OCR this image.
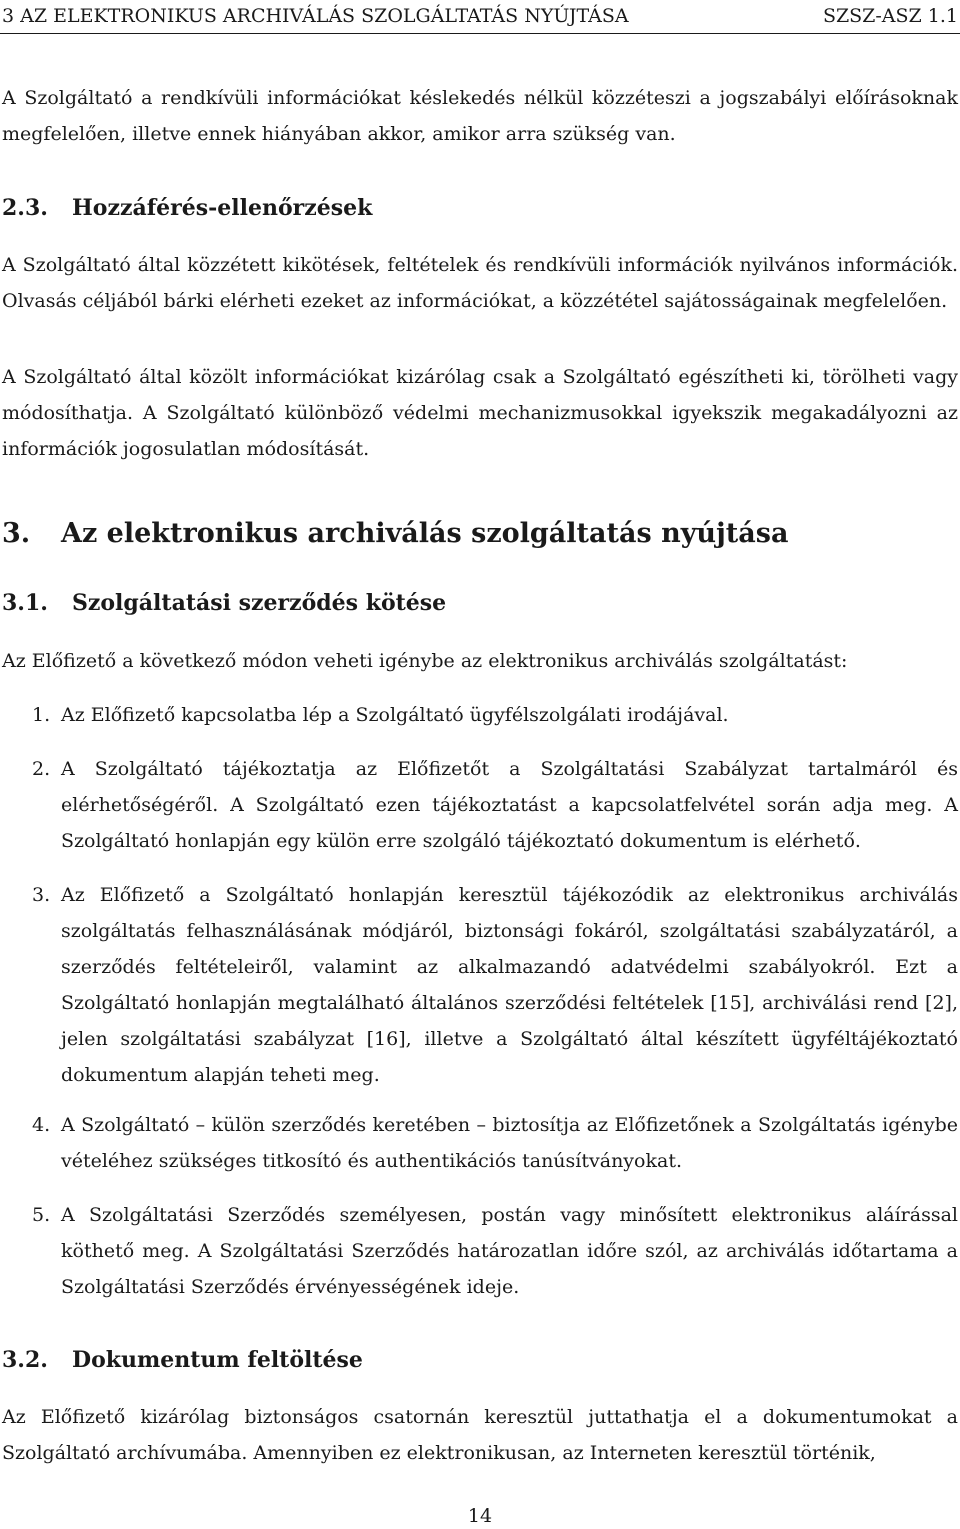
3 AZ ELEKTRONIKUS ARCHIVÁLÁS SZOLGÁLTATÁS NYÚJTÁSA	SZSZ-ASZ 1.1

A Szolgáltató a rendkívüli információkat késlekedés nélkül közzéteszi a jogszabályi előírásoknak megfelelően, illetve ennek hiányában akkor, amikor arra szükség van.

2.3. Hozzáférés-ellenőrzések

A Szolgáltató által közzétett kikötések, feltételek és rendkívüli információk nyilvános információk. Olvasás céljából bárki elérheti ezeket az információkat, a közzététel sajátosságainak megfelelően.

A Szolgáltató által közölt információkat kizárólag csak a Szolgáltató egészítheti ki, törölheti vagy módosíthatja. A Szolgáltató különböző védelmi mechanizmusokkal igyekszik megakadályozni az információk jogosulatlan módosítását.

3. Az elektronikus archiválás szolgáltatás nyújtása
3.1. Szolgáltatási szerződés kötése

Az Előfizető a következő módon veheti igénybe az elektronikus archiválás szolgáltatást:

1. Az Előfizető kapcsolatba lép a Szolgáltató ügyfélszolgálati irodájával.

2. A Szolgáltató tájékoztatja az Előfizetőt a Szolgáltatási Szabályzat tartalmáról és elérhetőségéről. A Szolgáltató ezen tájékoztatást a kapcsolatfelvétel során adja meg. A Szolgáltató honlapján egy külön erre szolgáló tájékoztató dokumentum is elérhető.

3. Az Előfizető a Szolgáltató honlapján keresztül tájékozódik az elektronikus archiválás szolgáltatás felhasználásának módjáról, biztonsági fokáról, szolgáltatási szabályzatáról, a szerződés feltételeiről, valamint az alkalmazandó adatvédelmi szabályokról. Ezt a Szolgáltató honlapján megtalálható általános szerződési feltételek [15], archiválási rend [2], jelen szolgáltatási szabályzat [16], illetve a Szolgáltató által készített ügyféltájékoztató dokumentum alapján teheti meg.

4. A Szolgáltató – külön szerződés keretében – biztosítja az Előfizetőnek a Szolgáltatás igénybe vételéhez szükséges titkosító és authentikációs tanúsítványokat.

5. A Szolgáltatási Szerződés személyesen, postán vagy minősített elektronikus aláírással köthető meg. A Szolgáltatási Szerződés határozatlan időre szól, az archiválás időtartama a Szolgáltatási Szerződés érvényességének ideje.

3.2. Dokumentum feltöltése

Az Előfizető kizárólag biztonságos csatornán keresztül juttathatja el a dokumentumokat a Szolgáltató archívumába. Amennyiben ez elektronikusan, az Interneten keresztül történik,

14
